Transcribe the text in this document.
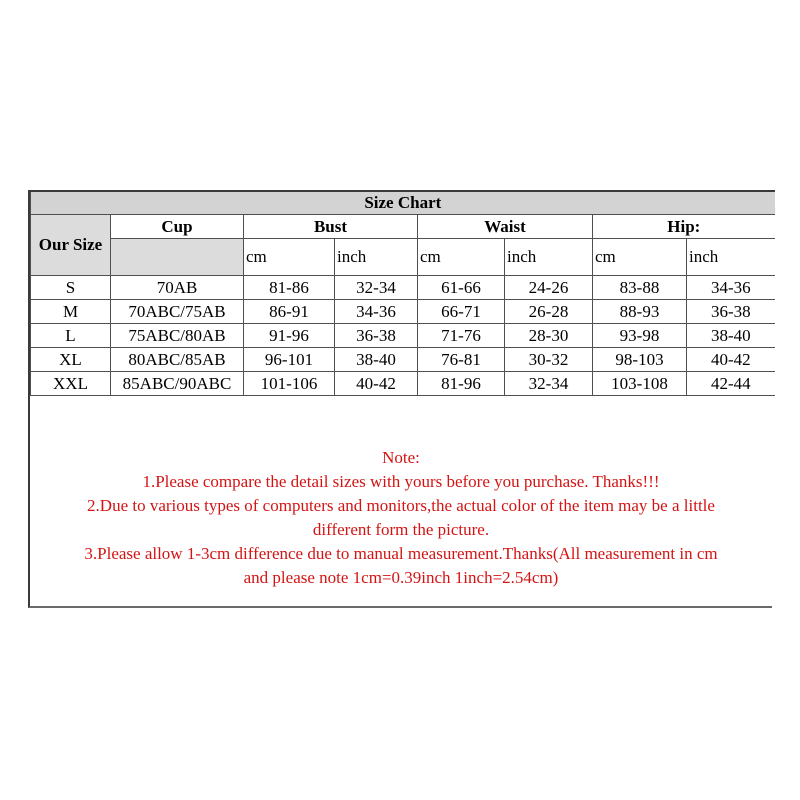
Size Chart							
Our Size	Cup	Bust		Waist		Hip:	
		cm	inch	cm	inch	cm	inch
S	70AB	81-86	32-34	61-66	24-26	83-88	34-36
M	70ABC/75AB	86-91	34-36	66-71	26-28	88-93	36-38
L	75ABC/80AB	91-96	36-38	71-76	28-30	93-98	38-40
XL	80ABC/85AB	96-101	38-40	76-81	30-32	98-103	40-42
XXL	85ABC/90ABC	101-106	40-42	81-96	32-34	103-108	42-44

Note:

1.Please compare the detail sizes with yours before you purchase. Thanks!!!

2.Due to various types of computers and monitors,the actual color of the item may be a little

different form the picture.

3.Please allow 1-3cm difference due to manual measurement.Thanks(All measurement in cm

and please note 1cm=0.39inch 1inch=2.54cm)
